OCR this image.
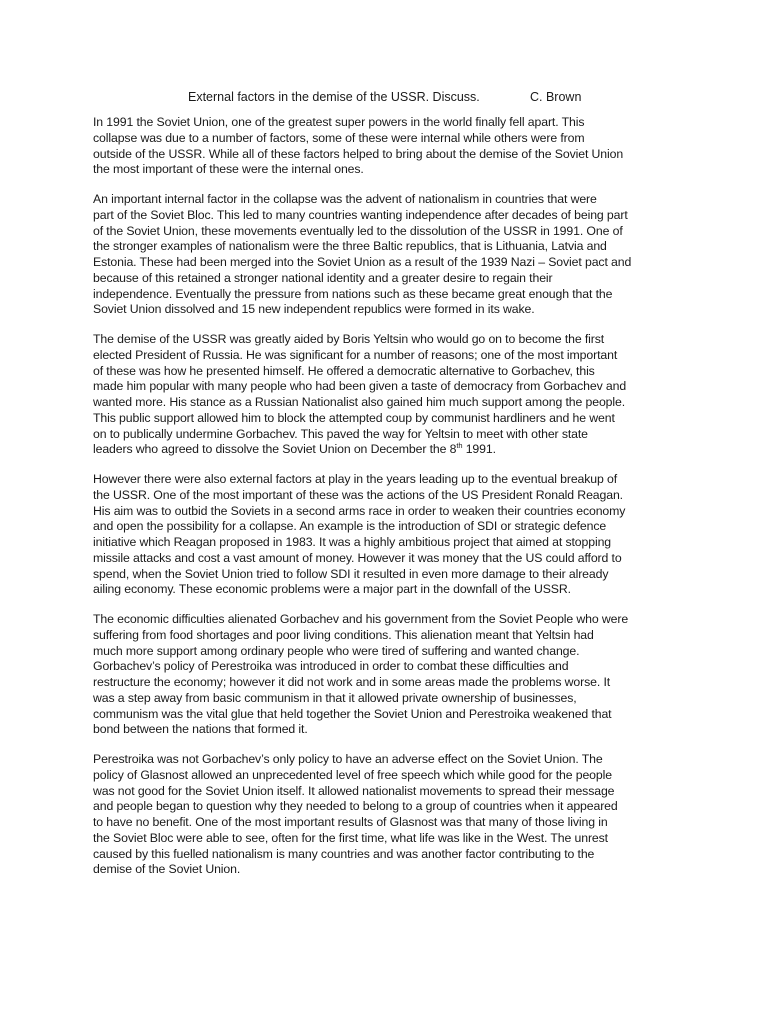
External factors in the demise of the USSR. Discuss.	C. Brown

In 1991 the Soviet Union, one of the greatest super powers in the world finally fell apart. This
collapse was due to a number of factors, some of these were internal while others were from
outside of the USSR. While all of these factors helped to bring about the demise of the Soviet Union
the most important of these were the internal ones.

An important internal factor in the collapse was the advent of nationalism in countries that were
part of the Soviet Bloc. This led to many countries wanting independence after decades of being part
of the Soviet Union, these movements eventually led to the dissolution of the USSR in 1991. One of
the stronger examples of nationalism were the three Baltic republics, that is Lithuania, Latvia and
Estonia. These had been merged into the Soviet Union as a result of the 1939 Nazi – Soviet pact and
because of this retained a stronger national identity and a greater desire to regain their
independence. Eventually the pressure from nations such as these became great enough that the
Soviet Union dissolved and 15 new independent republics were formed in its wake.

The demise of the USSR was greatly aided by Boris Yeltsin who would go on to become the first
elected President of Russia. He was significant for a number of reasons; one of the most important
of these was how he presented himself. He offered a democratic alternative to Gorbachev, this
made him popular with many people who had been given a taste of democracy from Gorbachev and
wanted more. His stance as a Russian Nationalist also gained him much support among the people.
This public support allowed him to block the attempted coup by communist hardliners and he went
on to publically undermine Gorbachev. This paved the way for Yeltsin to meet with other state
leaders who agreed to dissolve the Soviet Union on December the 8th 1991.

However there were also external factors at play in the years leading up to the eventual breakup of
the USSR. One of the most important of these was the actions of the US President Ronald Reagan.
His aim was to outbid the Soviets in a second arms race in order to weaken their countries economy
and open the possibility for a collapse. An example is the introduction of SDI or strategic defence
initiative which Reagan proposed in 1983. It was a highly ambitious project that aimed at stopping
missile attacks and cost a vast amount of money. However it was money that the US could afford to
spend, when the Soviet Union tried to follow SDI it resulted in even more damage to their already
ailing economy. These economic problems were a major part in the downfall of the USSR.

The economic difficulties alienated Gorbachev and his government from the Soviet People who were
suffering from food shortages and poor living conditions. This alienation meant that Yeltsin had
much more support among ordinary people who were tired of suffering and wanted change.
Gorbachev’s policy of Perestroika was introduced in order to combat these difficulties and
restructure the economy; however it did not work and in some areas made the problems worse. It
was a step away from basic communism in that it allowed private ownership of businesses,
communism was the vital glue that held together the Soviet Union and Perestroika weakened that
bond between the nations that formed it.

Perestroika was not Gorbachev’s only policy to have an adverse effect on the Soviet Union. The
policy of Glasnost allowed an unprecedented level of free speech which while good for the people
was not good for the Soviet Union itself. It allowed nationalist movements to spread their message
and people began to question why they needed to belong to a group of countries when it appeared
to have no benefit. One of the most important results of Glasnost was that many of those living in
the Soviet Bloc were able to see, often for the first time, what life was like in the West. The unrest
caused by this fuelled nationalism is many countries and was another factor contributing to the
demise of the Soviet Union.
